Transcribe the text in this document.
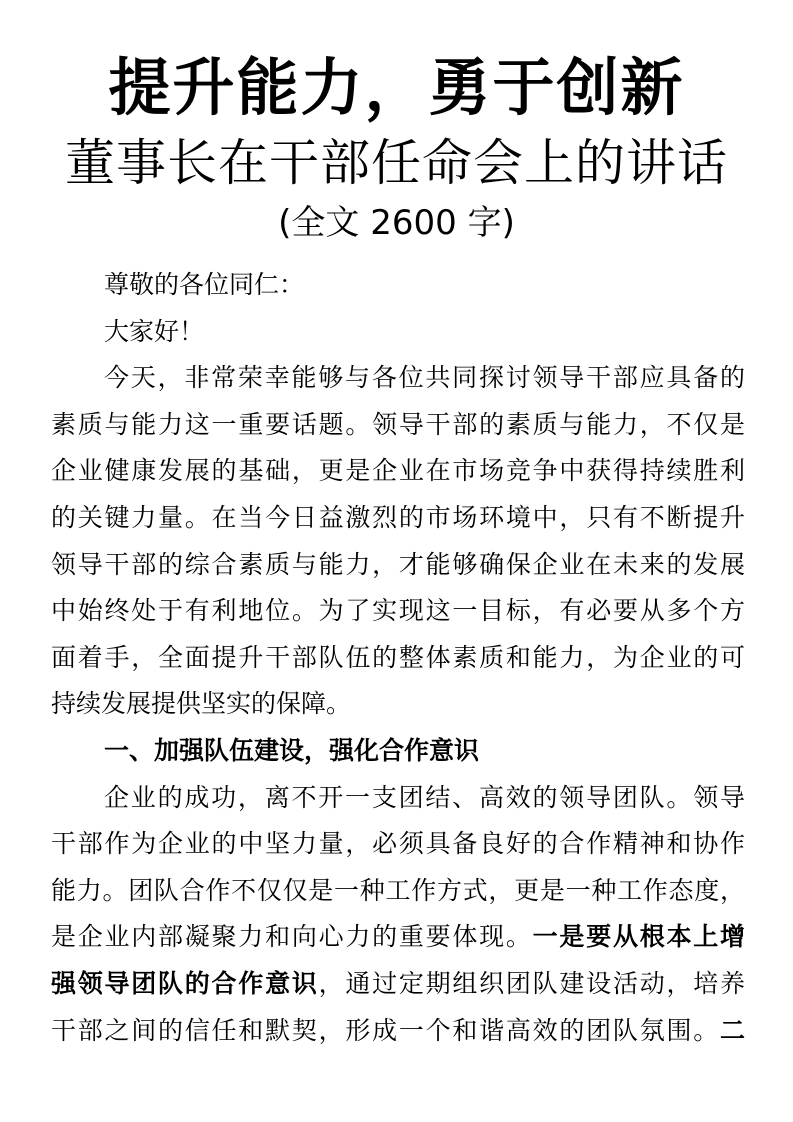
提升能力，勇于创新
董事长在干部任命会上的讲话
(全文 2600 字)
尊敬的各位同仁：
大家好！
今天，非常荣幸能够与各位共同探讨领导干部应具备的
素质与能力这一重要话题。领导干部的素质与能力，不仅是
企业健康发展的基础，更是企业在市场竞争中获得持续胜利
的关键力量。在当今日益激烈的市场环境中，只有不断提升
领导干部的综合素质与能力，才能够确保企业在未来的发展
中始终处于有利地位。为了实现这一目标，有必要从多个方
面着手，全面提升干部队伍的整体素质和能力，为企业的可
持续发展提供坚实的保障。
一、加强队伍建设，强化合作意识
企业的成功，离不开一支团结、高效的领导团队。领导
干部作为企业的中坚力量，必须具备良好的合作精神和协作
能力。团队合作不仅仅是一种工作方式，更是一种工作态度，
是企业内部凝聚力和向心力的重要体现。一是要从根本上增
强领导团队的合作意识，通过定期组织团队建设活动，培养
干部之间的信任和默契，形成一个和谐高效的团队氛围。二
